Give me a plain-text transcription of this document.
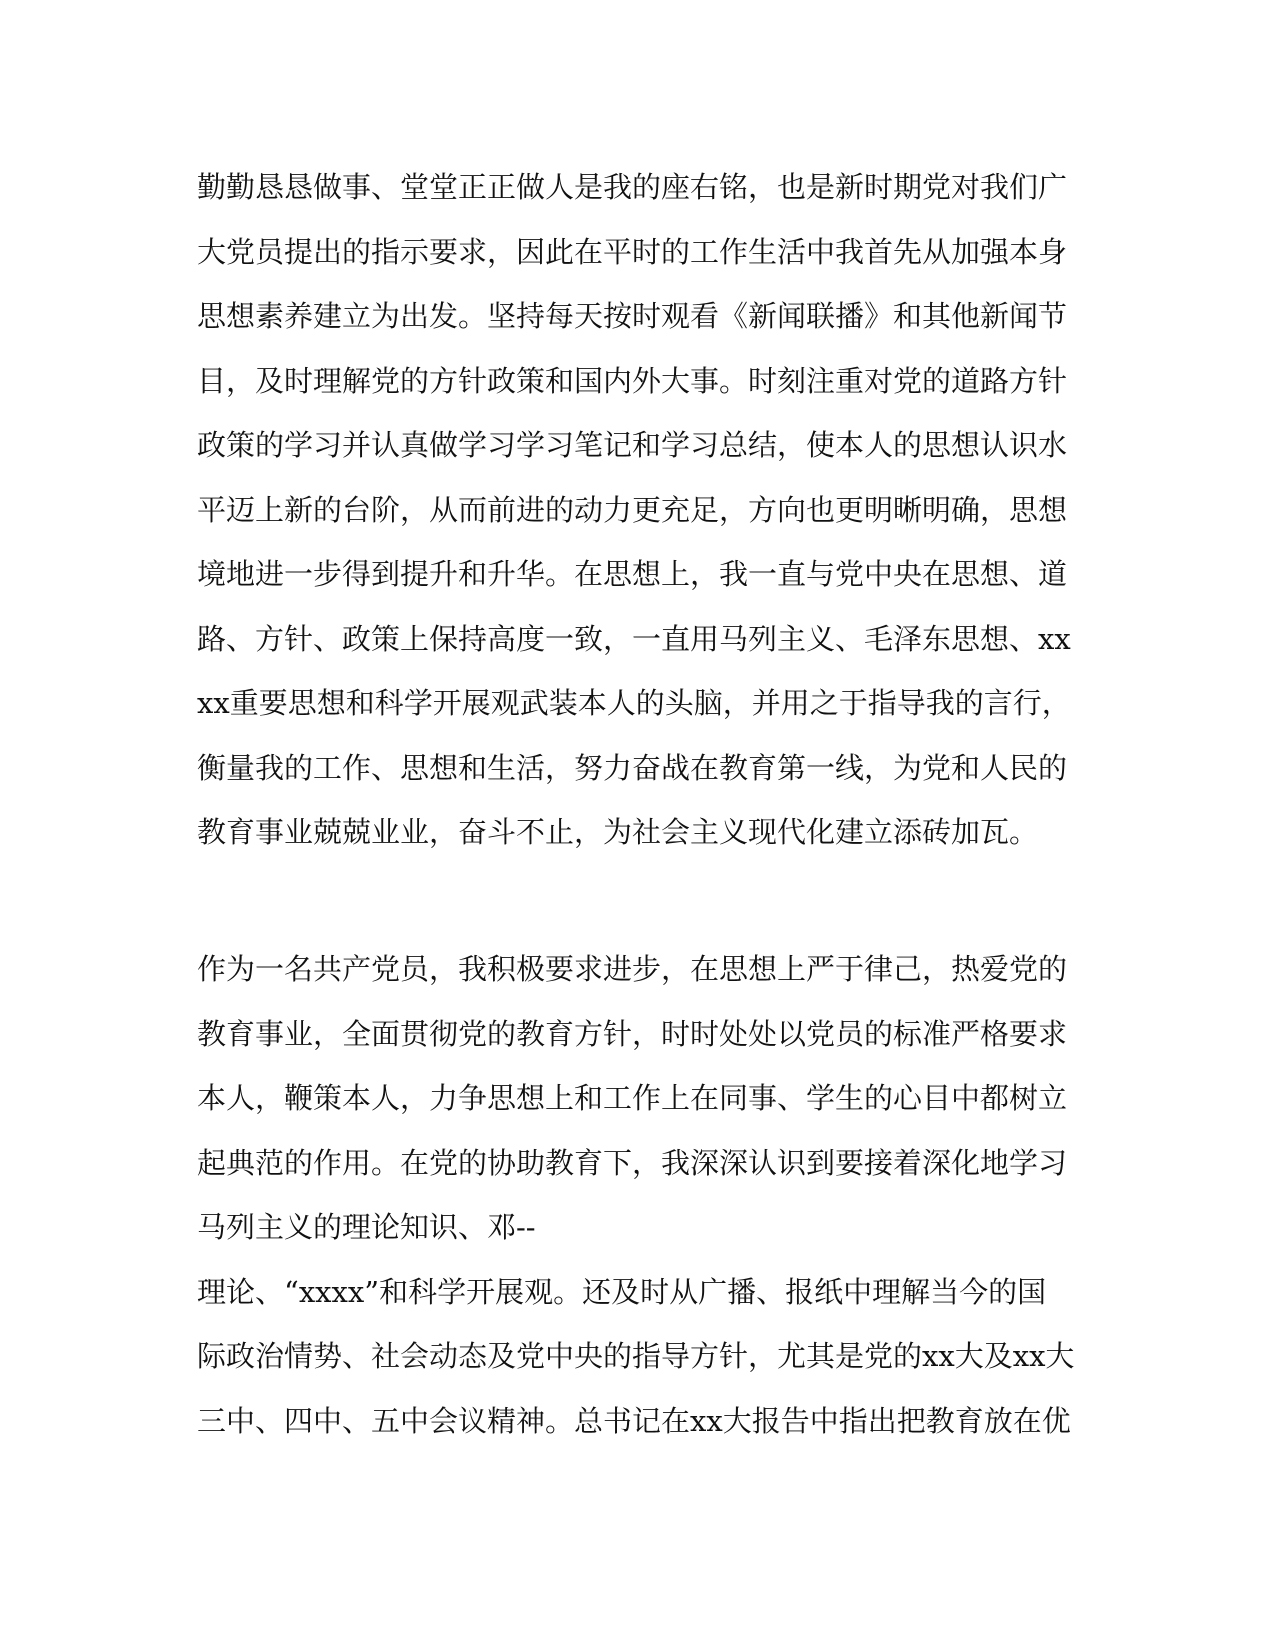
勤勤恳恳做事、堂堂正正做人是我的座右铭，也是新时期党对我们广
大党员提出的指示要求，因此在平时的工作生活中我首先从加强本身
思想素养建立为出发。坚持每天按时观看《新闻联播》和其他新闻节
目，及时理解党的方针政策和国内外大事。时刻注重对党的道路方针
政策的学习并认真做学习学习笔记和学习总结，使本人的思想认识水
平迈上新的台阶，从而前进的动力更充足，方向也更明晰明确，思想
境地进一步得到提升和升华。在思想上，我一直与党中央在思想、道
路、方针、政策上保持高度一致，一直用马列主义、毛泽东思想、xx
xx重要思想和科学开展观武装本人的头脑，并用之于指导我的言行，
衡量我的工作、思想和生活，努力奋战在教育第一线，为党和人民的
教育事业兢兢业业，奋斗不止，为社会主义现代化建立添砖加瓦。
作为一名共产党员，我积极要求进步，在思想上严于律己，热爱党的
教育事业，全面贯彻党的教育方针，时时处处以党员的标准严格要求
本人，鞭策本人，力争思想上和工作上在同事、学生的心目中都树立
起典范的作用。在党的协助教育下，我深深认识到要接着深化地学习
马列主义的理论知识、邓--
理论、“xxxx”和科学开展观。还及时从广播、报纸中理解当今的国
际政治情势、社会动态及党中央的指导方针，尤其是党的xx大及xx大
三中、四中、五中会议精神。总书记在xx大报告中指出把教育放在优
